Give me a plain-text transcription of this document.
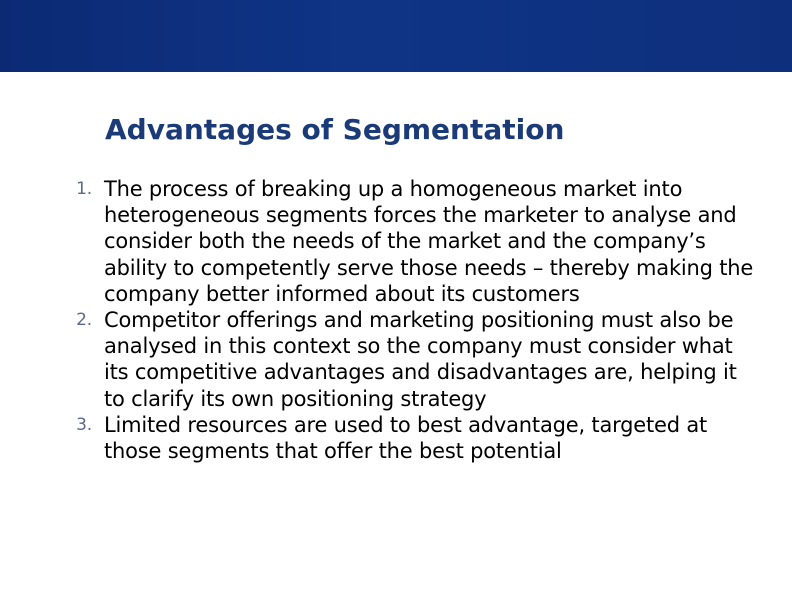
Advantages of Segmentation
1. The process of breaking up a homogeneous market into heterogeneous segments forces the marketer to analyse and consider both the needs of the market and the company’s ability to competently serve those needs – thereby making the company better informed about its customers
2. Competitor offerings and marketing positioning must also be analysed in this context so the company must consider what its competitive advantages and disadvantages are, helping it to clarify its own positioning strategy
3. Limited resources are used to best advantage, targeted at those segments that offer the best potential
